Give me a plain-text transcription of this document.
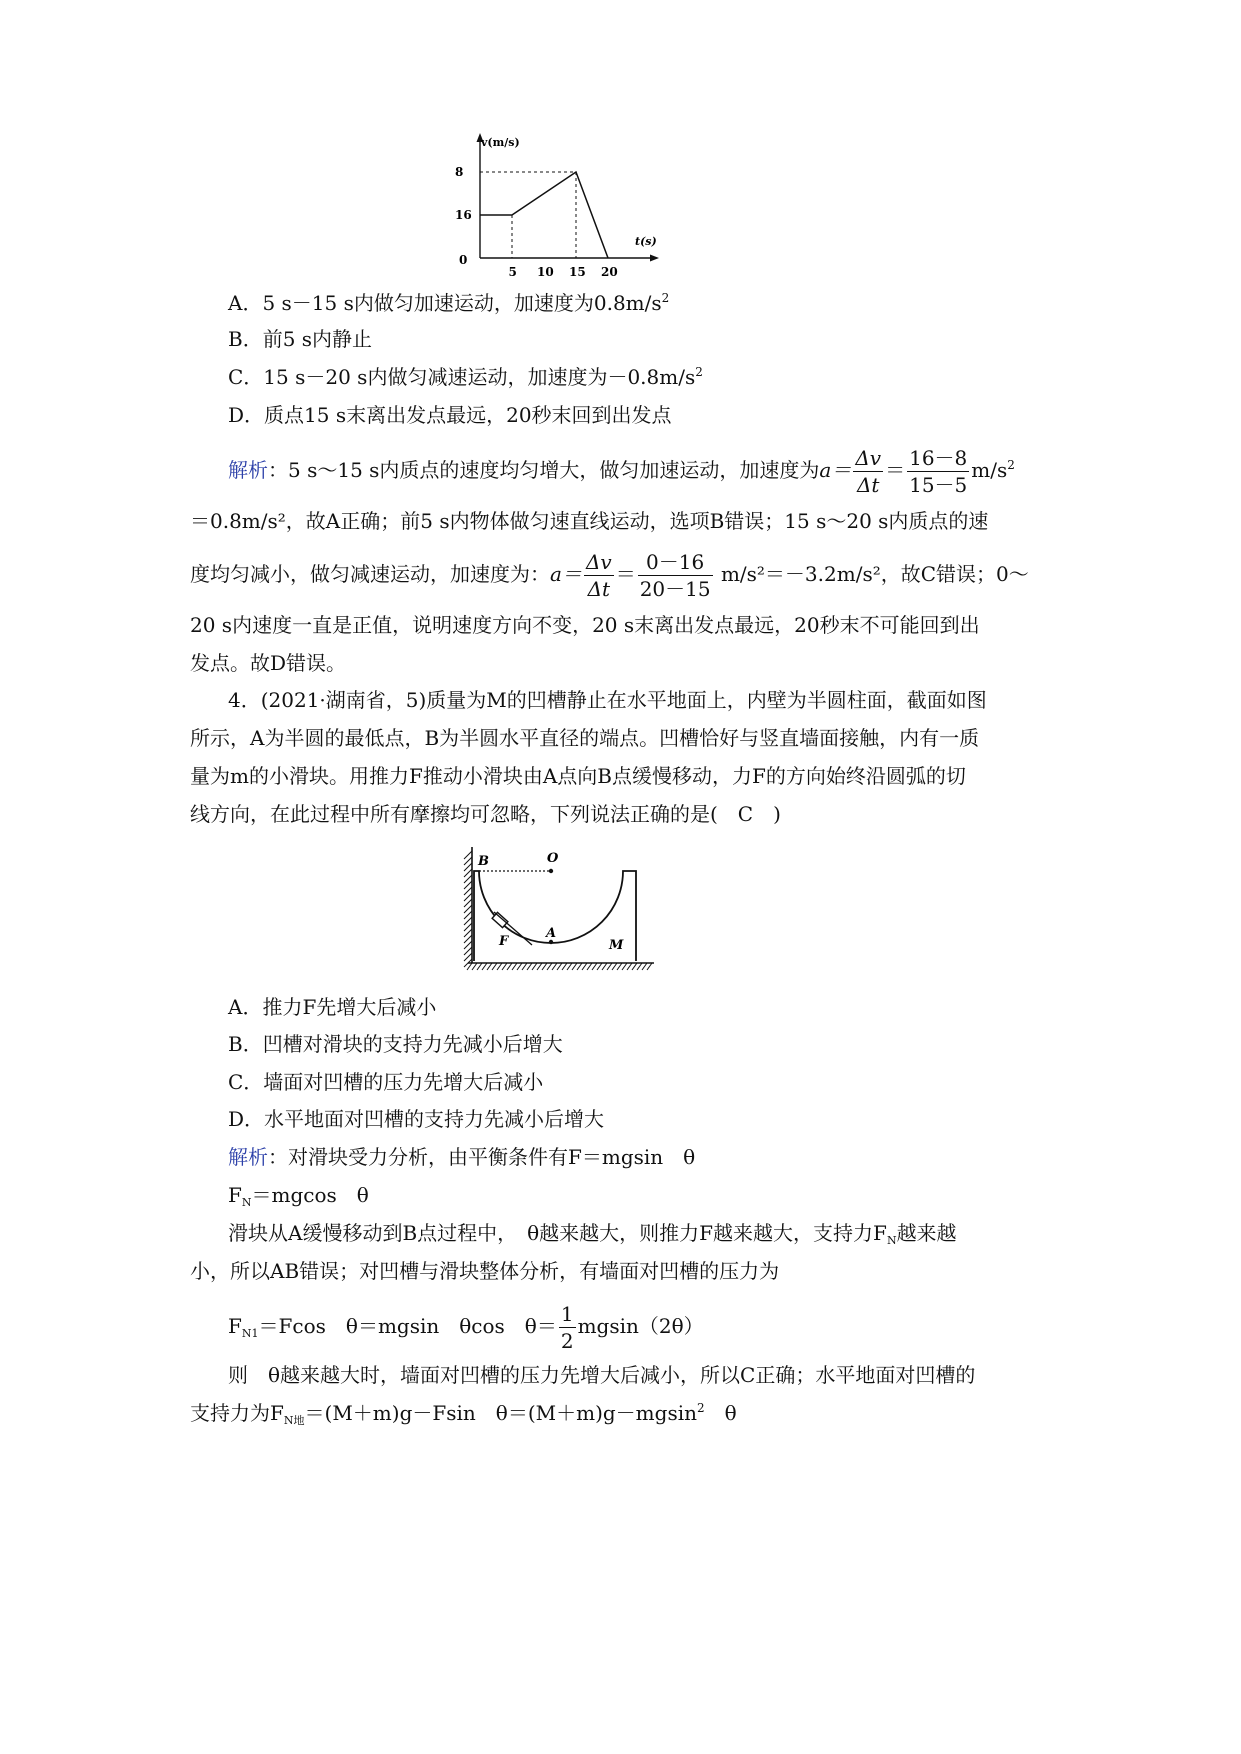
v(m/s)
t(s)
0
16
8
5 10 15 20
A．5 s－15 s内做匀加速运动，加速度为$0.8m/s^2$
B．前5 s内静止
C．15 s－20 s内做匀减速运动，加速度为$-0.8m/s^2$
D．质点15 s末离出发点最远，20秒末回到出发点
解析：5 s～15 s内质点的速度均匀增大，做匀加速运动，加速度为$a= \frac{\Delta v}{\Delta t} = \frac{16-8}{15-5} m/s^2$
＝0.8m/s²，故A正确；前5 s内物体做匀速直线运动，选项B错误；15 s～20 s内质点的速
度均匀减小，做匀减速运动，加速度为：$a= \frac{\Delta v}{\Delta t} = \frac{0-16}{20-15} m/s^2=-3.2m/s^2$，故C错误；0～
20 s内速度一直是正值，说明速度方向不变，20 s末离出发点最远，20秒末不可能回到出
发点。故D错误。
4．(2021·湖南省，5)质量为M的凹槽静止在水平地面上，内壁为半圆柱面，截面如图
所示，A为半圆的最低点，B为半圆水平直径的端点。凹槽恰好与竖直墙面接触，内有一质
量为m的小滑块。用推力F推动小滑块由A点向B点缓慢移动，力F的方向始终沿圆弧的切
线方向，在此过程中所有摩擦均可忽略，下列说法正确的是(　C　)
B	O
A
F	M
A．推力F先增大后减小
B．凹槽对滑块的支持力先减小后增大
C．墙面对凹槽的压力先增大后减小
D．水平地面对凹槽的支持力先减小后增大
解析：对滑块受力分析，由平衡条件有F＝mgsin　θ
$F_N=mgcos$　θ
滑块从A缓慢移动到B点过程中，　θ越来越大，则推力F越来越大，支持力$F_N$越来越
小，所以AB错误；对凹槽与滑块整体分析，有墙面对凹槽的压力为
$F_{N1}=Fcos$　θ＝mgsin　θcos　$\theta= \frac{1}{2} mgsin(2\theta)$
则　θ越来越大时，墙面对凹槽的压力先增大后减小，所以C正确；水平地面对凹槽的
支持力为$F_{N地}=(M+m)g-Fsin$　θ＝(M＋m)g－mgsin$^2$　θ
